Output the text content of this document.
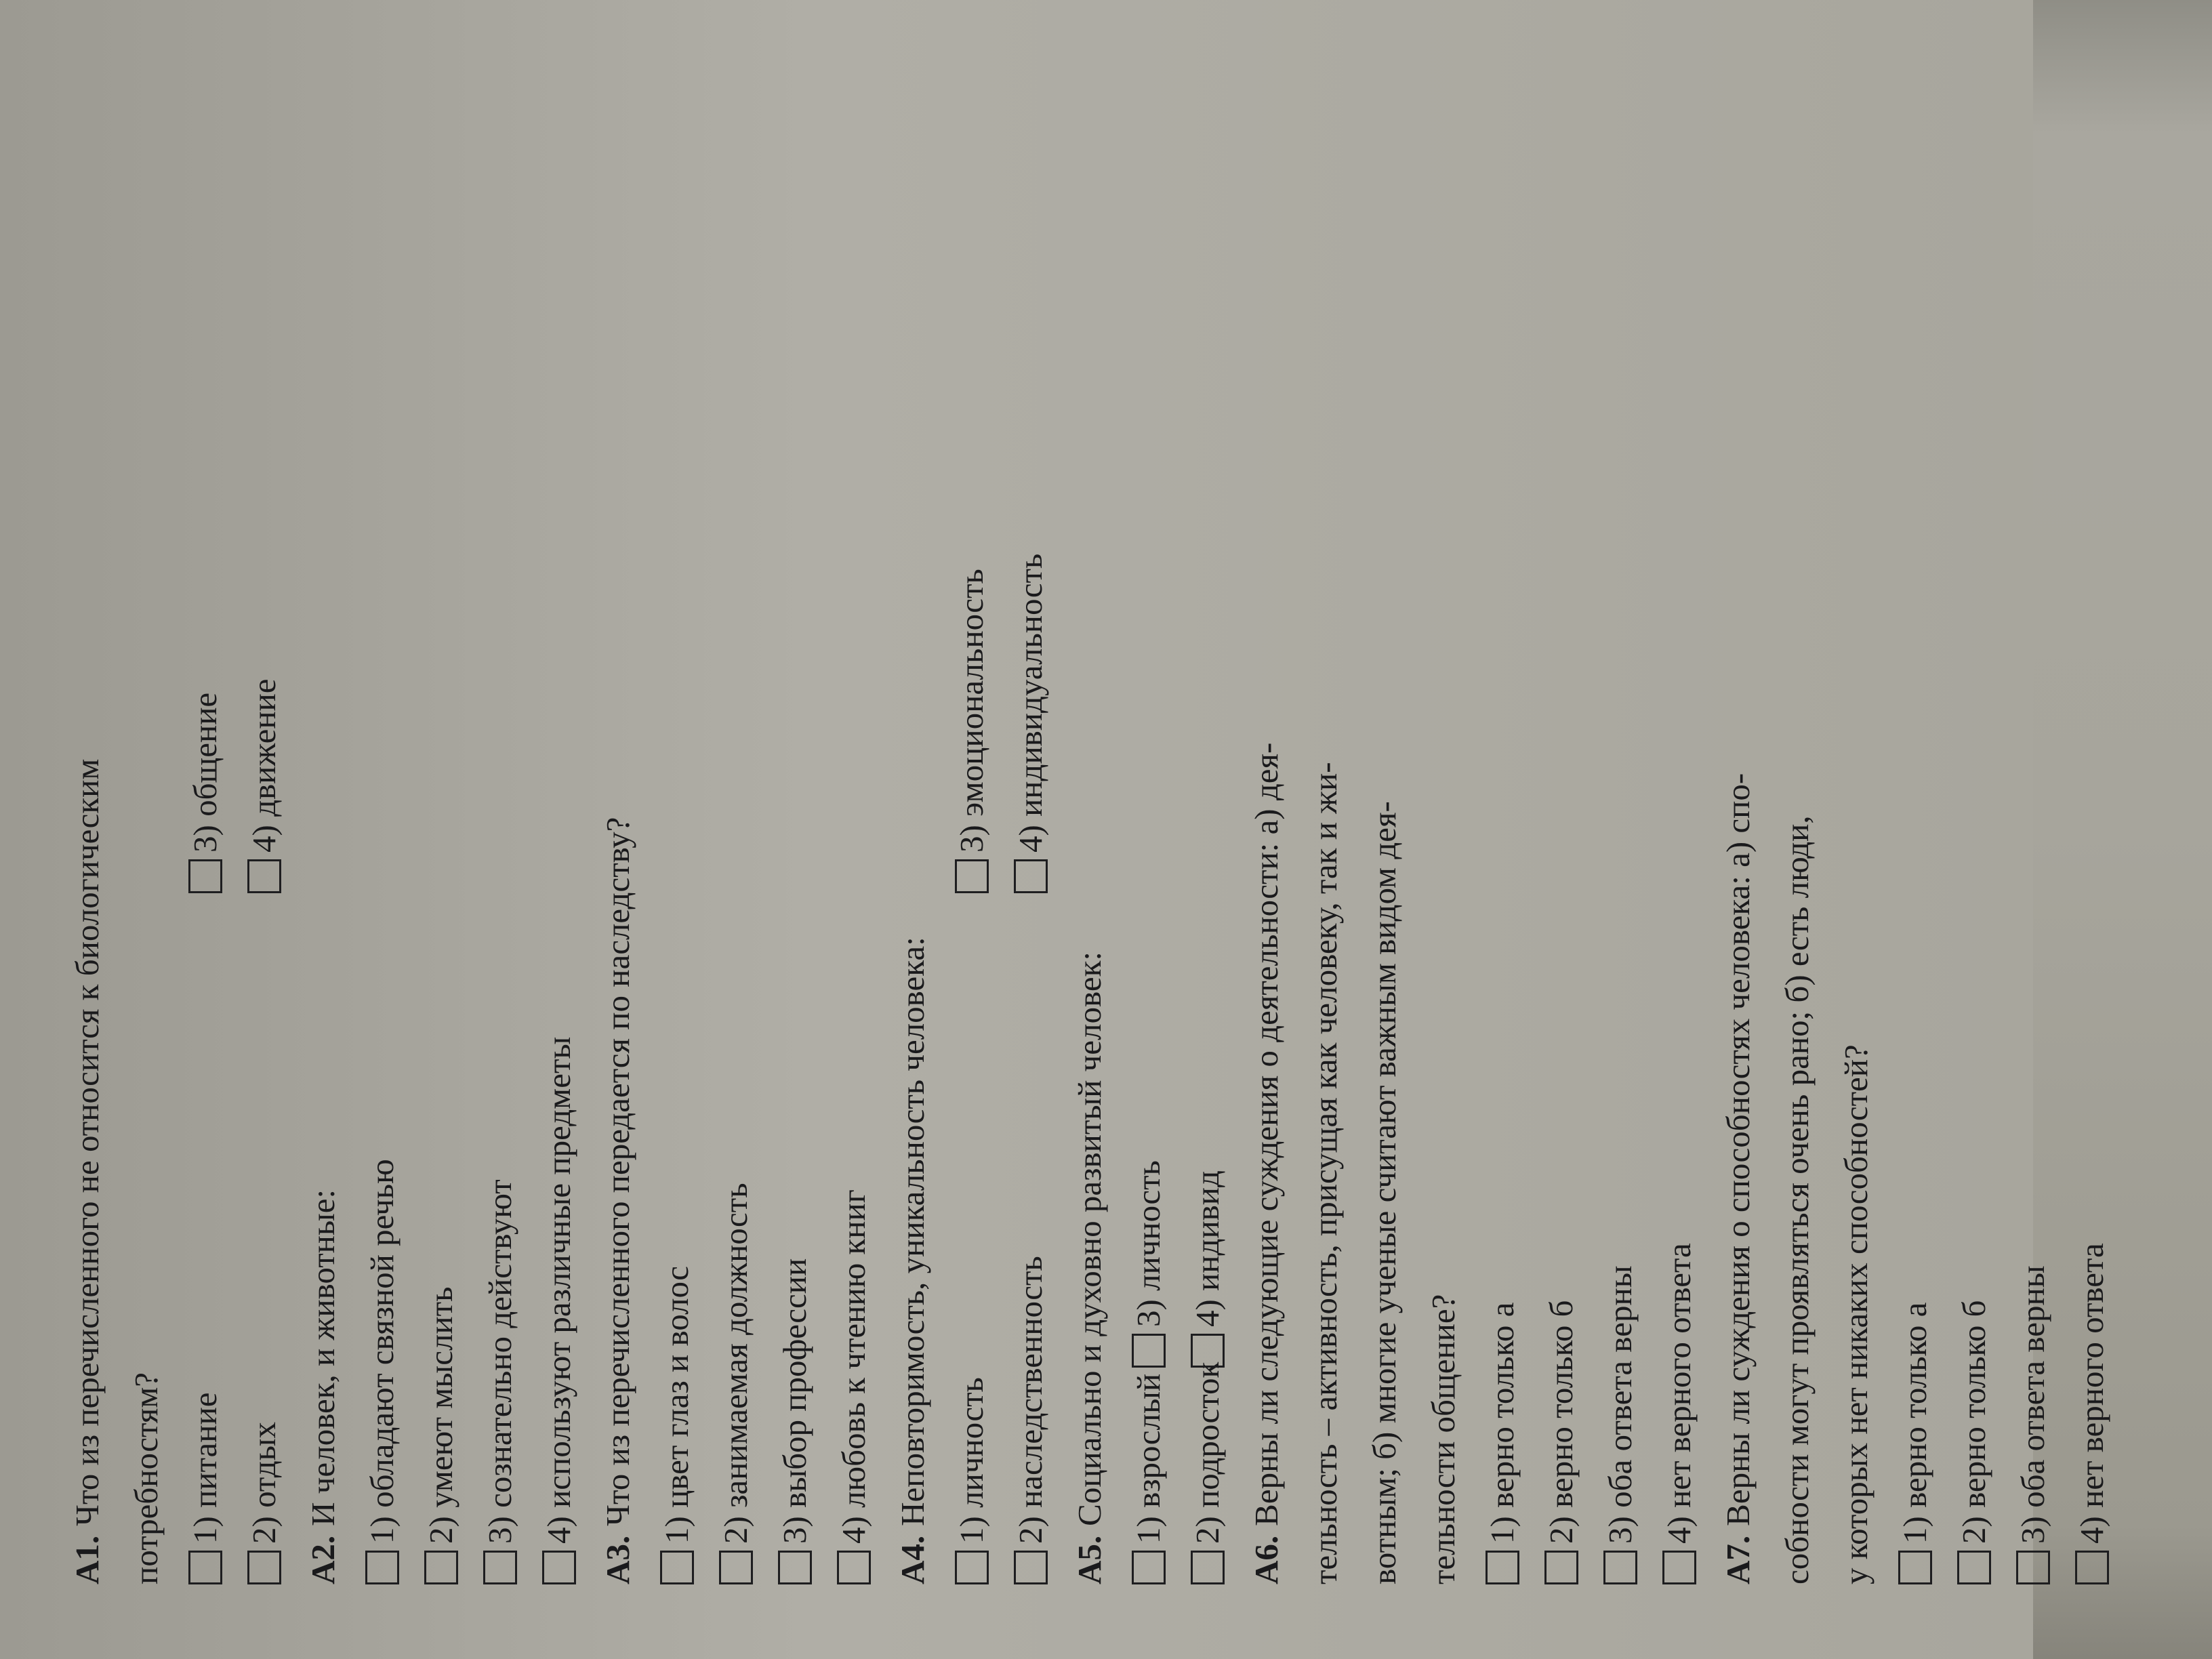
А1.Что из перечисленного не относится к биологическим потребностям? 1) питание 2) отдых
3) общение 4) движение
А2.И человек, и животные: 1) обладают связной речью 2) умеют мыслить 3) сознательно действуют 4) используют различные предметы
А3.Что из перечисленного передается по наследству? 1) цвет глаз и волос 2) занимаемая должность 3) выбор профессии 4) любовь к чтению книг
А4.Неповторимость, уникальность человека: 1) личность 2) наследственность
3) эмоциональность 4) индивидуальность
А5.Социально и духовно развитый человек: 1) взрослый 2) подросток
3) личность 4) индивид
А6.Верны ли следующие суждения о деятельности: а) дея- тельность – активность, присущая как человеку, так и жи- вотным; б) многие ученые считают важным видом дея- тельности общение? 1) верно только а 2) верно только б 3) оба ответа верны 4) нет верного ответа
А7.Верны ли суждения о способностях человека: а) спо- собности могут проявляться очень рано; б) есть люди, у которых нет никаких способностей? 1) верно только а 2) верно только б 3) оба ответа верны 4) нет верного ответа
